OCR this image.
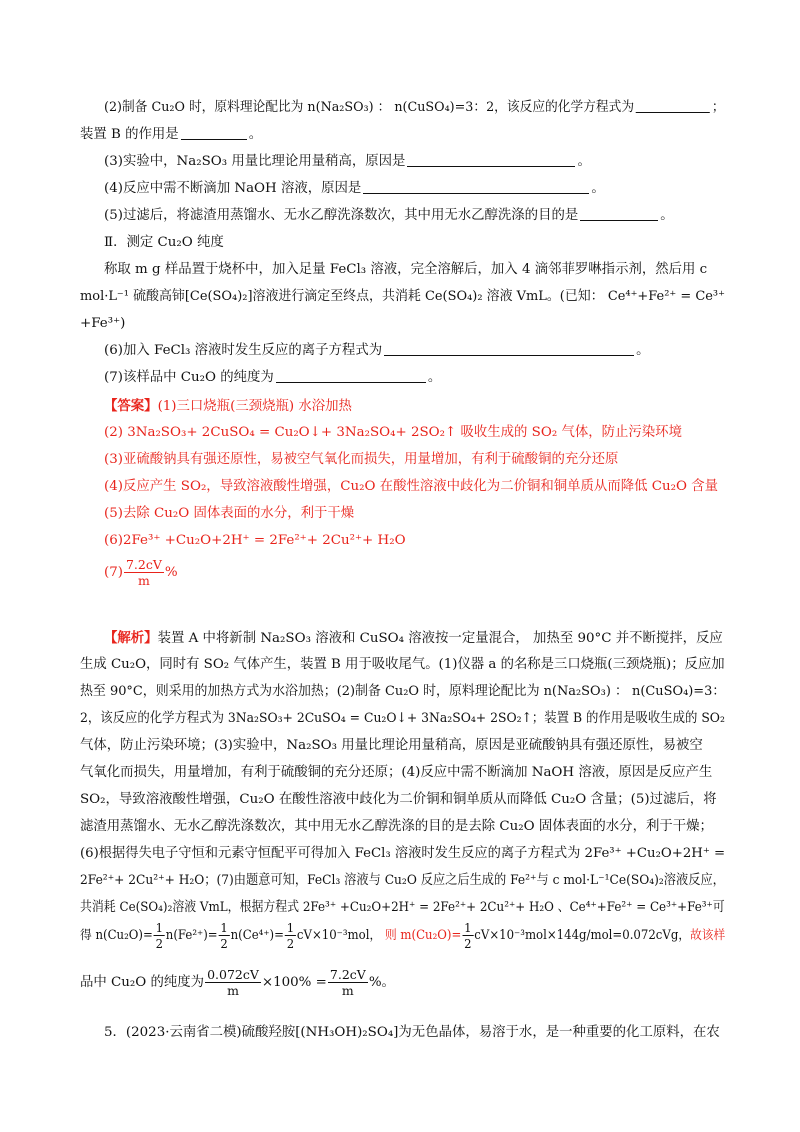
(2)制备 Cu₂O 时，原料理论配比为 n(Na₂SO₃) ： n(CuSO₄)=3：2，该反应的化学方程式为	；
装置 B 的作用是	。
(3)实验中，Na₂SO₃ 用量比理论用量稍高，原因是	。
(4)反应中需不断滴加 NaOH 溶液，原因是	。
(5)过滤后，将滤渣用蒸馏水、无水乙醇洗涤数次，其中用无水乙醇洗涤的目的是	。
Ⅱ．测定 Cu₂O 纯度
称取 m g 样品置于烧杯中，加入足量 FeCl₃ 溶液，完全溶解后，加入 4 滴邻菲罗啉指示剂，然后用 c
mol·L⁻¹ 硫酸高铈[Ce(SO₄)₂]溶液进行滴定至终点，共消耗 Ce(SO₄)₂ 溶液 VmL。(已知： Ce⁴⁺+Fe²⁺ = Ce³⁺
+Fe³⁺)
(6)加入 FeCl₃ 溶液时发生反应的离子方程式为	。
(7)该样品中 Cu₂O 的纯度为	。
【答案】(1)三口烧瓶(三颈烧瓶) 水浴加热
(2) 3Na₂SO₃+ 2CuSO₄ = Cu₂O↓+ 3Na₂SO₄+ 2SO₂↑ 吸收生成的 SO₂ 气体，防止污染环境
(3)亚硫酸钠具有强还原性，易被空气氧化而损失，用量增加，有利于硫酸铜的充分还原
(4)反应产生 SO₂，导致溶液酸性增强，Cu₂O 在酸性溶液中歧化为二价铜和铜单质从而降低 Cu₂O 含量
(5)去除 Cu₂O 固体表面的水分，利于干燥
(6)2Fe³⁺ +Cu₂O+2H⁺ = 2Fe²⁺+ 2Cu²⁺+ H₂O
$(7) \frac{7.2cV}{m}$ %
【解析】装置 A 中将新制 Na₂SO₃ 溶液和 CuSO₄ 溶液按一定量混合， 加热至 90°C 并不断搅拌，反应
生成 Cu₂O，同时有 SO₂ 气体产生，装置 B 用于吸收尾气。(1)仪器 a 的名称是三口烧瓶(三颈烧瓶)；反应加
热至 90°C，则采用的加热方式为水浴加热；(2)制备 Cu₂O 时，原料理论配比为 n(Na₂SO₃) ： n(CuSO₄)=3：
2，该反应的化学方程式为 3Na₂SO₃+ 2CuSO₄ = Cu₂O↓+ 3Na₂SO₄+ 2SO₂↑；装置 B 的作用是吸收生成的 SO₂
气体，防止污染环境；(3)实验中，Na₂SO₃ 用量比理论用量稍高，原因是亚硫酸钠具有强还原性，易被空
气氧化而损失，用量增加，有利于硫酸铜的充分还原；(4)反应中需不断滴加 NaOH 溶液，原因是反应产生
SO₂，导致溶液酸性增强，Cu₂O 在酸性溶液中歧化为二价铜和铜单质从而降低 Cu₂O 含量；(5)过滤后，将
滤渣用蒸馏水、无水乙醇洗涤数次，其中用无水乙醇洗涤的目的是去除 Cu₂O 固体表面的水分，利于干燥；
(6)根据得失电子守恒和元素守恒配平可得加入 FeCl₃ 溶液时发生反应的离子方程式为 2Fe³⁺ +Cu₂O+2H⁺ =
2Fe²⁺+ 2Cu²⁺+ H₂O；(7)由题意可知，FeCl₃ 溶液与 Cu₂O 反应之后生成的 Fe²⁺与 c mol·L⁻¹Ce(SO₄)₂溶液反应，
共消耗 Ce(SO₄)₂溶液 VmL，根据方程式 2Fe³⁺ +Cu₂O+2H⁺ = 2Fe²⁺+ 2Cu²⁺+ H₂O 、Ce⁴⁺+Fe²⁺ = Ce³⁺+Fe³⁺可
得 $n(Cu_2O)= \frac{1}{2} n(Fe^{2+})= \frac{1}{2} n(Ce^{4+})= \frac{1}{2} cV\times 10^{-3}mol$， 则 $m(Cu_2O)= \frac{1}{2} cV\times 10^{-3}mol\times 144g/mol=0.072cVg$，故该样
品中 Cu₂O 的纯度为 $\frac{0.072cV}{m} \times 100\% = \frac{7.2cV}{m}$ %。
5．(2023·云南省二模)硫酸羟胺[(NH₃OH)₂SO₄]为无色晶体，易溶于水，是一种重要的化工原料，在农
